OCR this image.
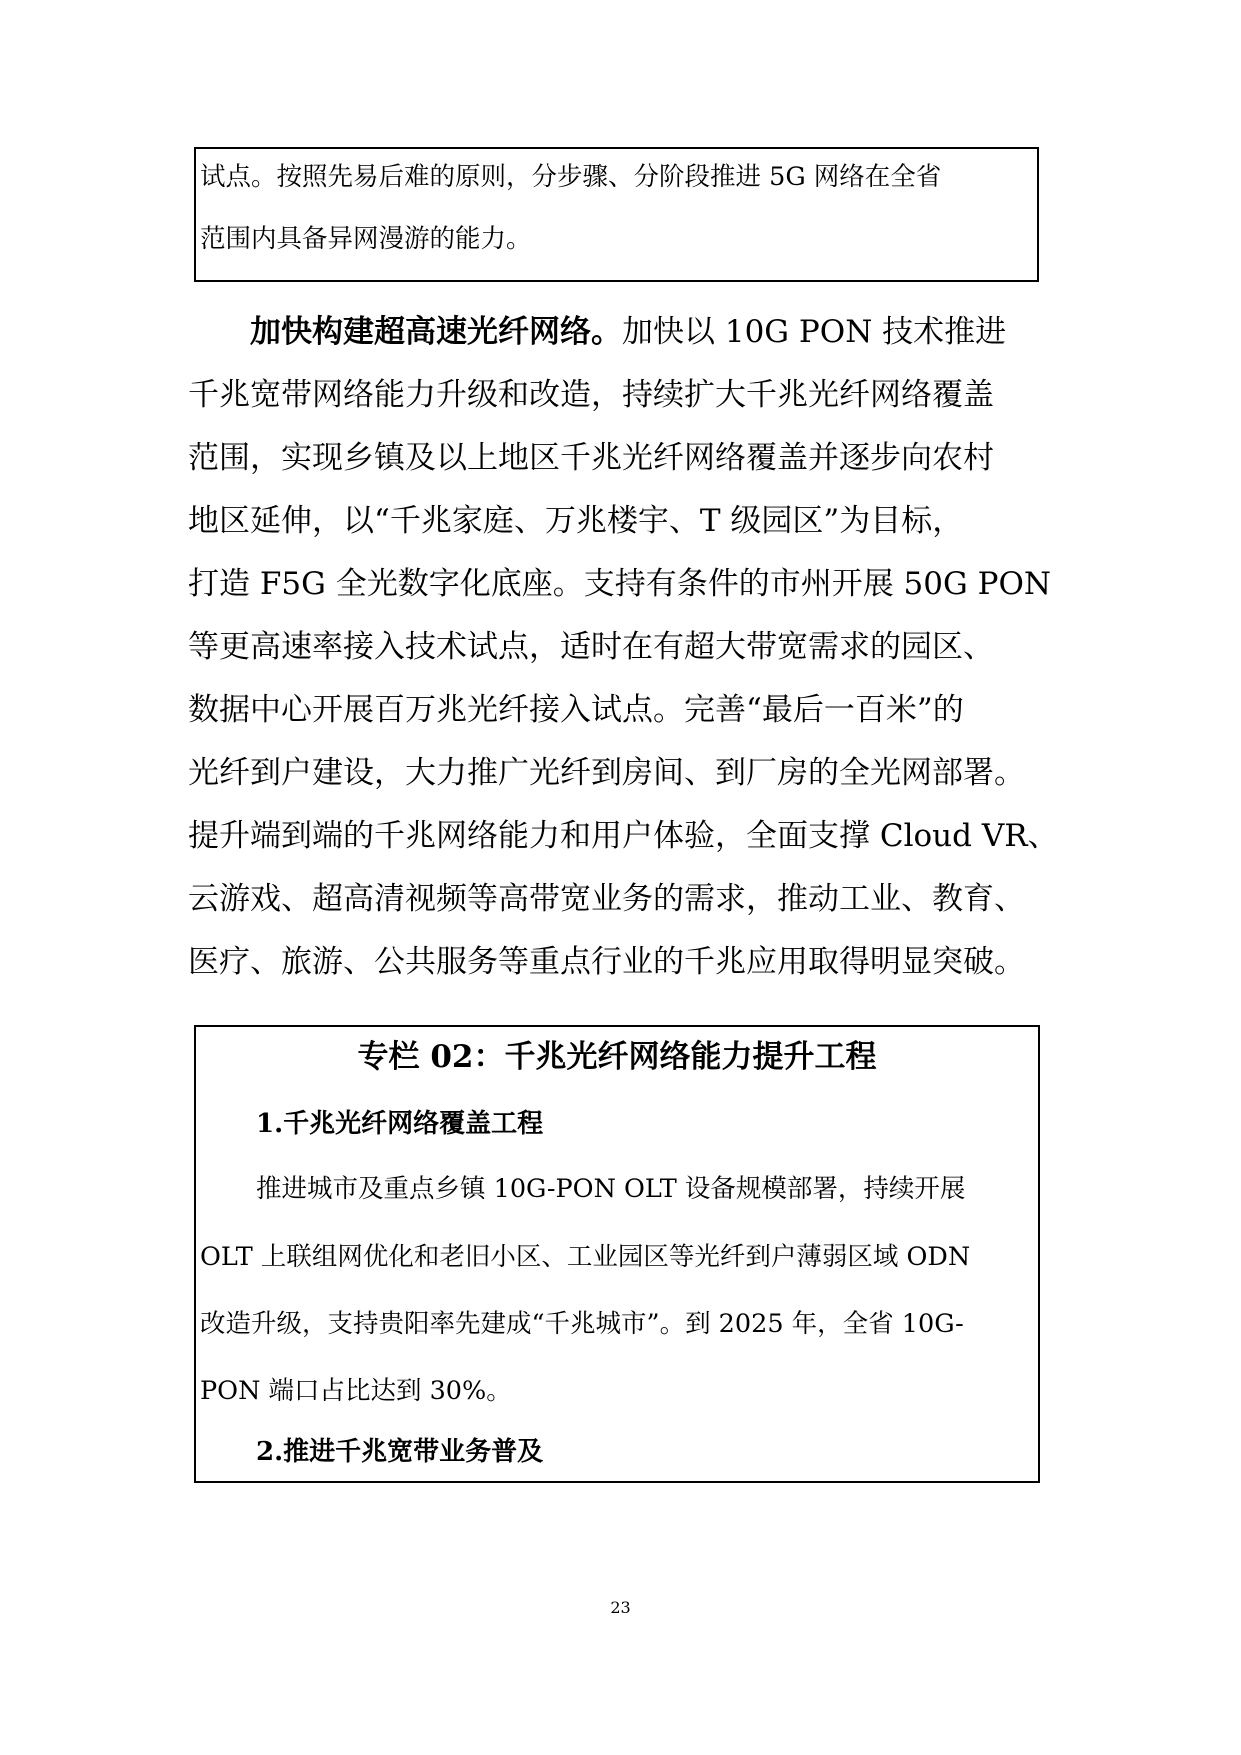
试点。按照先易后难的原则，分步骤、分阶段推进 5G 网络在全省
范围内具备异网漫游的能力。
加快构建超高速光纤网络。加快以 10G PON 技术推进
千兆宽带网络能力升级和改造，持续扩大千兆光纤网络覆盖
范围，实现乡镇及以上地区千兆光纤网络覆盖并逐步向农村
地区延伸，以“千兆家庭、万兆楼宇、T 级园区”为目标，
打造 F5G 全光数字化底座。支持有条件的市州开展 50G PON
等更高速率接入技术试点，适时在有超大带宽需求的园区、
数据中心开展百万兆光纤接入试点。完善“最后一百米”的
光纤到户建设，大力推广光纤到房间、到厂房的全光网部署。
提升端到端的千兆网络能力和用户体验，全面支撑 Cloud VR、
云游戏、超高清视频等高带宽业务的需求，推动工业、教育、
医疗、旅游、公共服务等重点行业的千兆应用取得明显突破。
专栏 02：千兆光纤网络能力提升工程
1.千兆光纤网络覆盖工程
推进城市及重点乡镇 10G-PON OLT 设备规模部署，持续开展
OLT 上联组网优化和老旧小区、工业园区等光纤到户薄弱区域 ODN
改造升级，支持贵阳率先建成“千兆城市”。到 2025 年，全省 10G-
PON 端口占比达到 30%。
2.推进千兆宽带业务普及
23
